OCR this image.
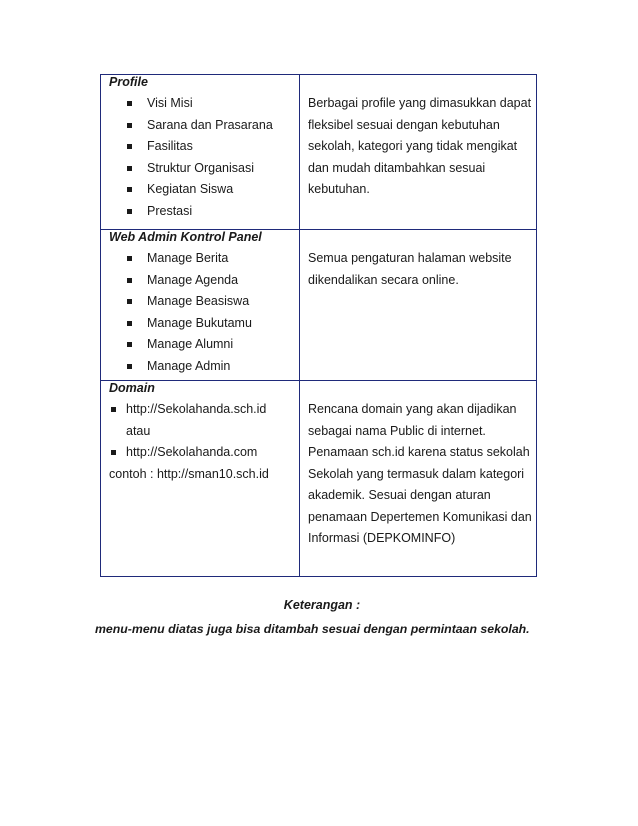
Profile
Visi Misi
Sarana dan Prasarana
Fasilitas
Struktur Organisasi
Kegiatan Siswa
Prestasi
Berbagai profile yang dimasukkan dapat
fleksibel sesuai dengan kebutuhan
sekolah, kategori yang tidak mengikat
dan mudah ditambahkan sesuai
kebutuhan.
Web Admin Kontrol Panel
Manage Berita
Manage Agenda
Manage Beasiswa
Manage Bukutamu
Manage Alumni
Manage Admin
Semua pengaturan halaman website
dikendalikan secara online.
Domain
http://Sekolahanda.sch.id
atau
http://Sekolahanda.com
contoh : http://sman10.sch.id
Rencana domain yang akan dijadikan
sebagai nama Public di internet.
Penamaan sch.id karena status sekolah
Sekolah yang termasuk dalam kategori
akademik. Sesuai dengan aturan
penamaan Depertemen Komunikasi dan
Informasi (DEPKOMINFO)
Keterangan :
menu-menu diatas juga bisa ditambah sesuai dengan permintaan sekolah.
